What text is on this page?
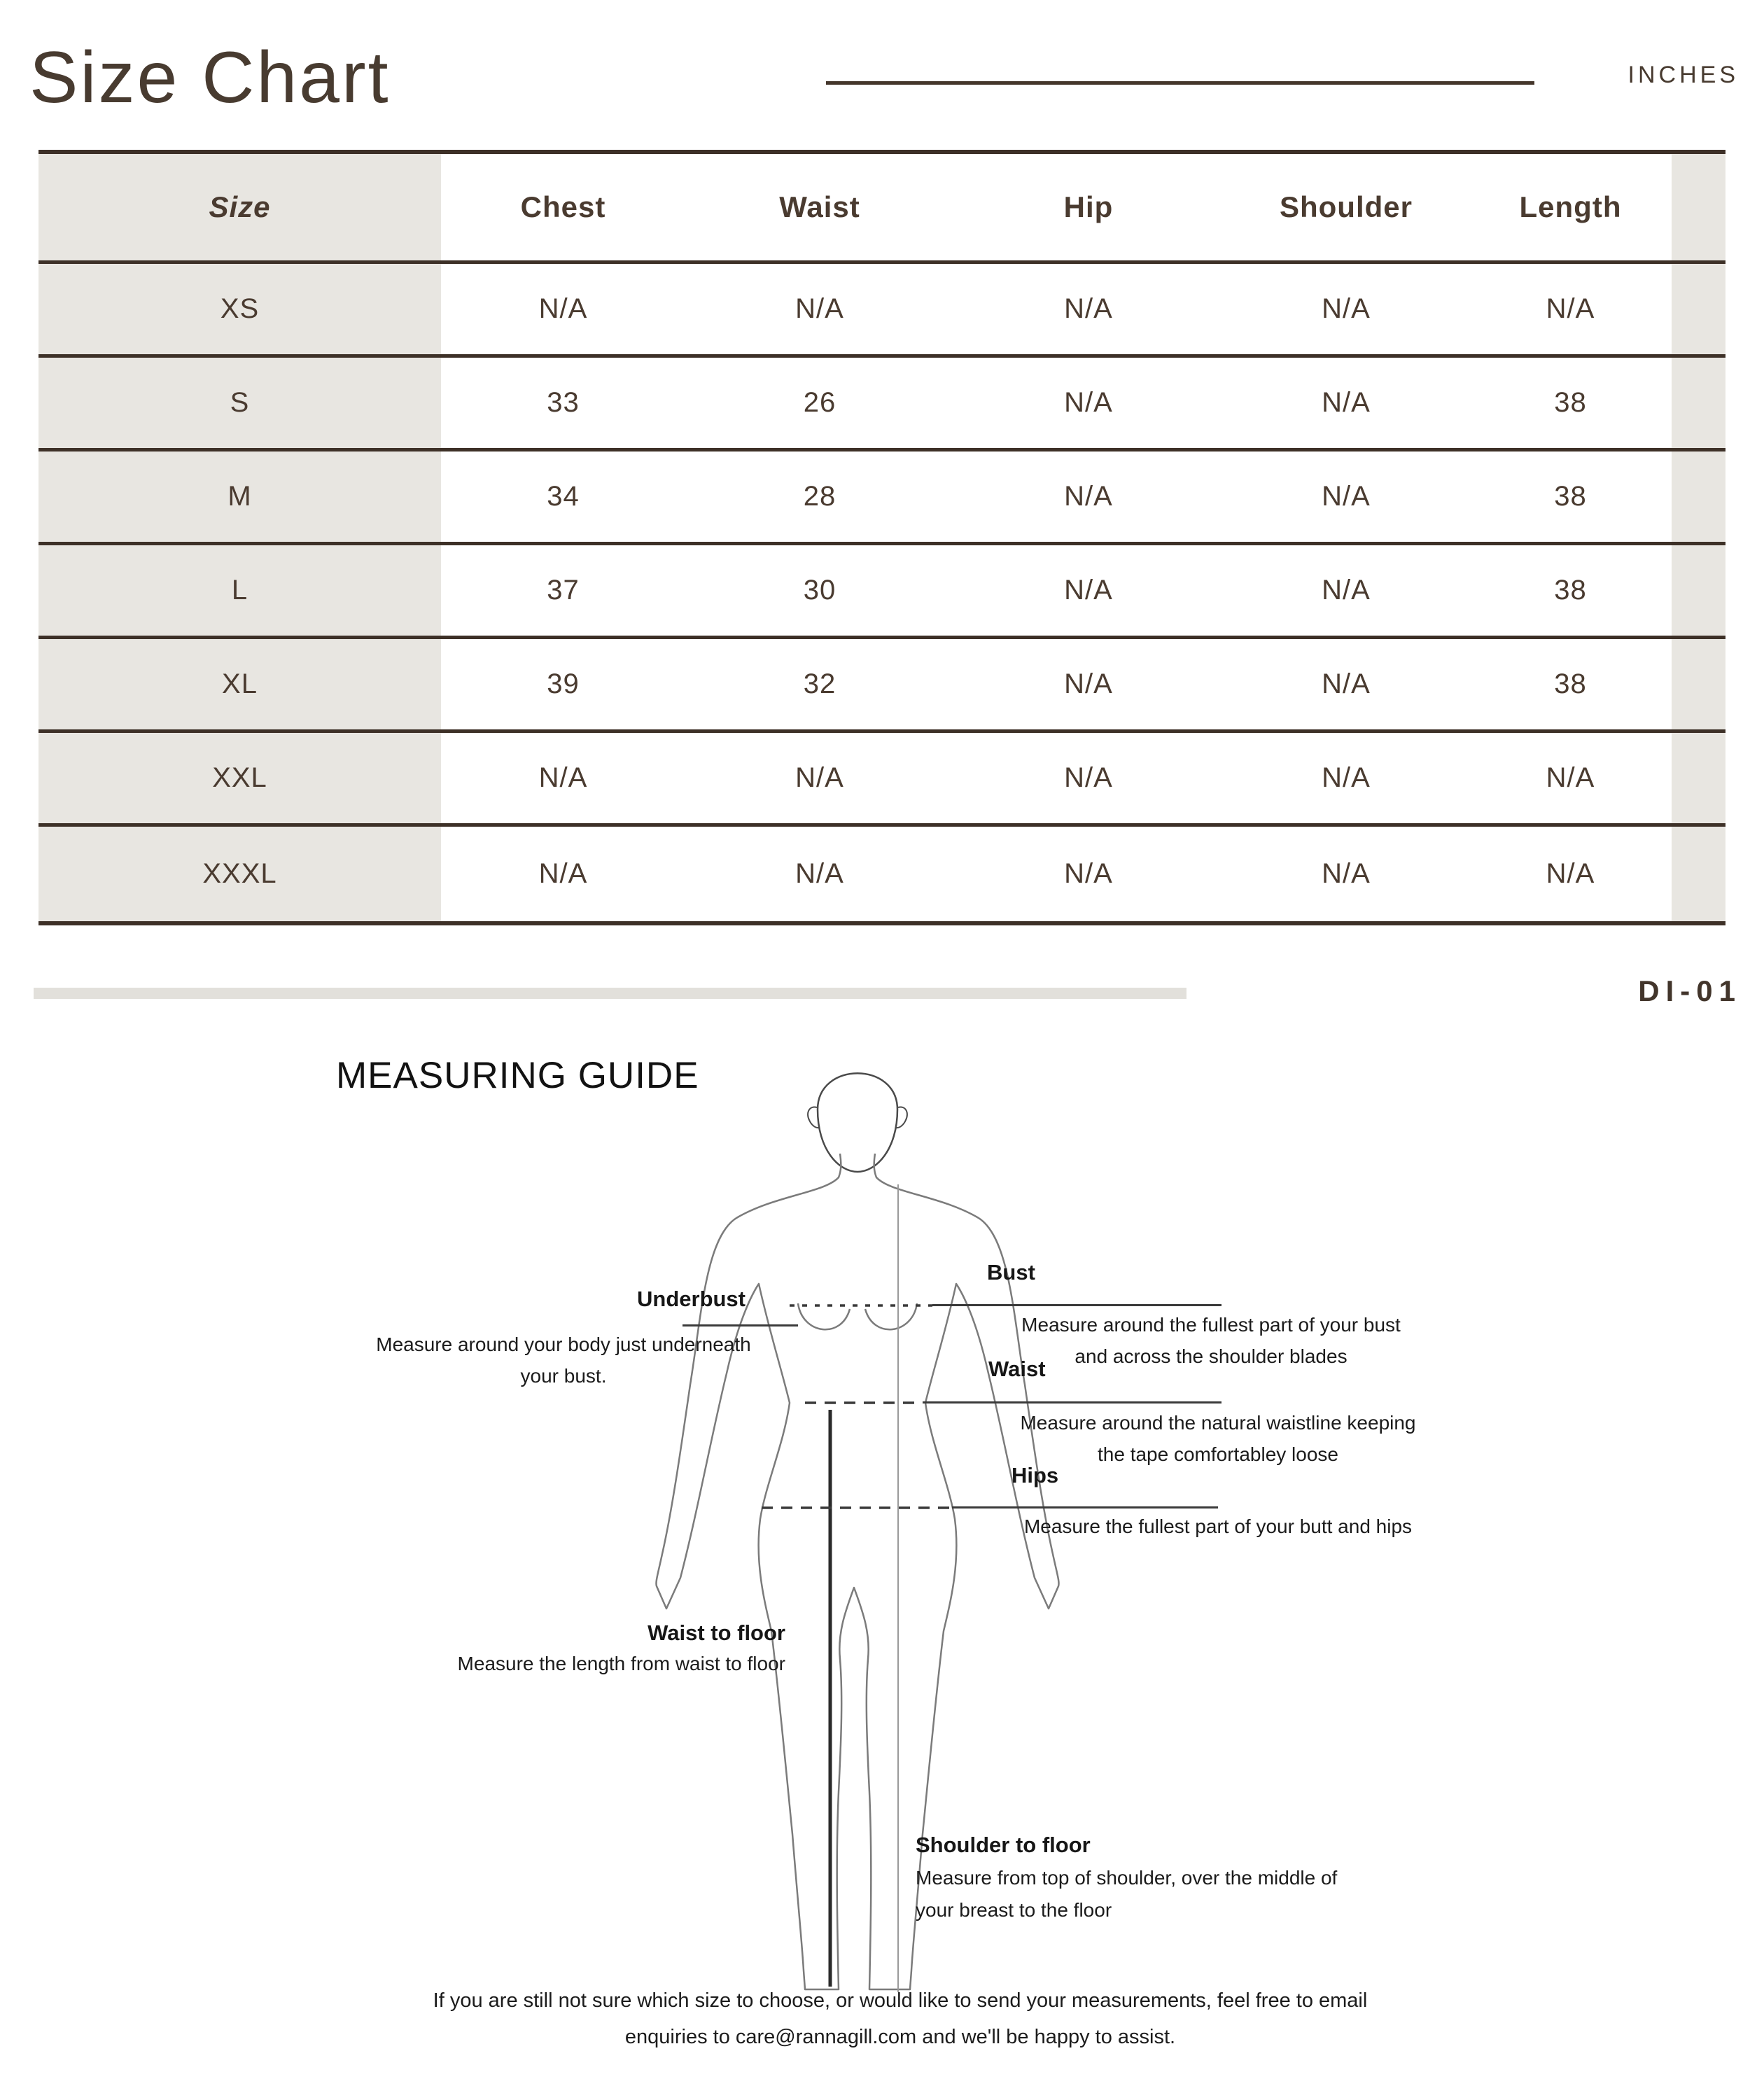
Size Chart	INCHES
Size	Chest	Waist	Hip	Shoulder	Length	
XS	N/A	N/A	N/A	N/A	N/A	
S	33	26	N/A	N/A	38	
M	34	28	N/A	N/A	38	
L	37	30	N/A	N/A	38	
XL	39	32	N/A	N/A	38	
XXL	N/A	N/A	N/A	N/A	N/A	
XXXL	N/A	N/A	N/A	N/A	N/A	
DI-01
MEASURING GUIDE
Underbust
Measure around your body just underneath
your bust.
Bust
Measure around the fullest part of your bust
and across the shoulder blades
Waist
Measure around the natural waistline keeping
the tape comfortabley loose
Hips
Measure the fullest part of your butt and hips
Waist to floor
Measure the length from waist to floor
Shoulder to floor
Measure from top of shoulder, over the middle of
your breast to the floor
If you are still not sure which size to choose, or would like to send your measurements, feel free to email
enquiries to care@rannagill.com and we'll be happy to assist.
